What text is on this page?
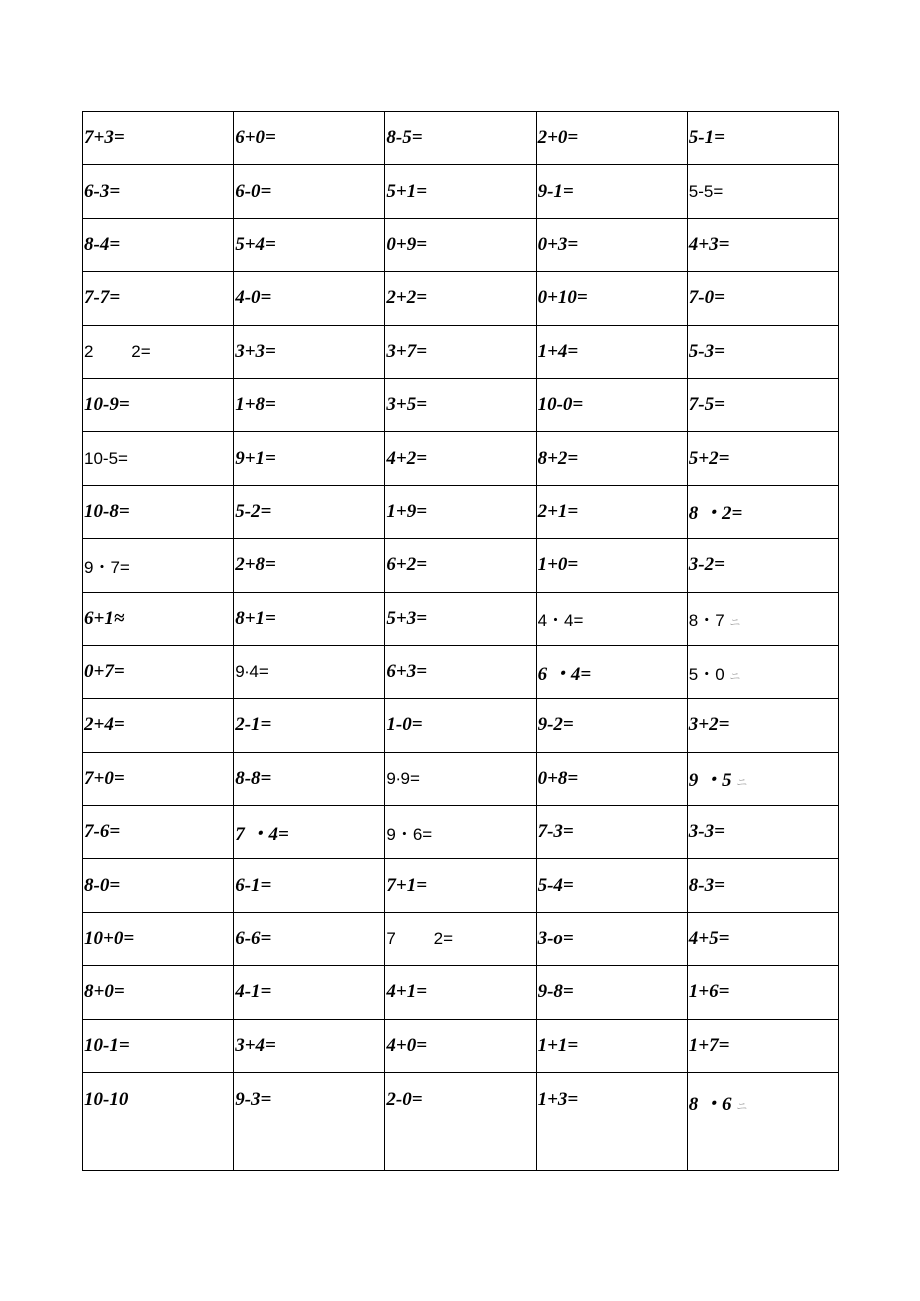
7+3=	6+0=	8-5=	2+0=	5-1=
6-3=	6-0=	5+1=	9-1=	5-5=
8-4=	5+4=	0+9=	0+3=	4+3=
7-7=	4-0=	2+2=	0+10=	7-0=
2        2=	3+3=	3+7=	1+4=	5-3=
10-9=	1+8=	3+5=	10-0=	7-5=
10-5=	9+1=	4+2=	8+2=	5+2=
10-8=	5-2=	1+9=	2+1=	8 ・2=
9・7=	2+8=	6+2=	1+0=	3-2=
6+1≈	8+1=	5+3=	4・4=	8・7 ニ
0+7=	9∙4=	6+3=	6 ・4=	5・0 ニ
2+4=	2-1=	1-0=	9-2=	3+2=
7+0=	8-8=	9∙9=	0+8=	9 ・5 ニ
7-6=	7 ・4=	9・6=	7-3=	3-3=
8-0=	6-1=	7+1=	5-4=	8-3=
10+0=	6-6=	7        2=	3-o=	4+5=
8+0=	4-1=	4+1=	9-8=	1+6=
10-1=	3+4=	4+0=	1+1=	1+7=
10-10	9-3=	2-0=	1+3=	8 ・6 ニ
